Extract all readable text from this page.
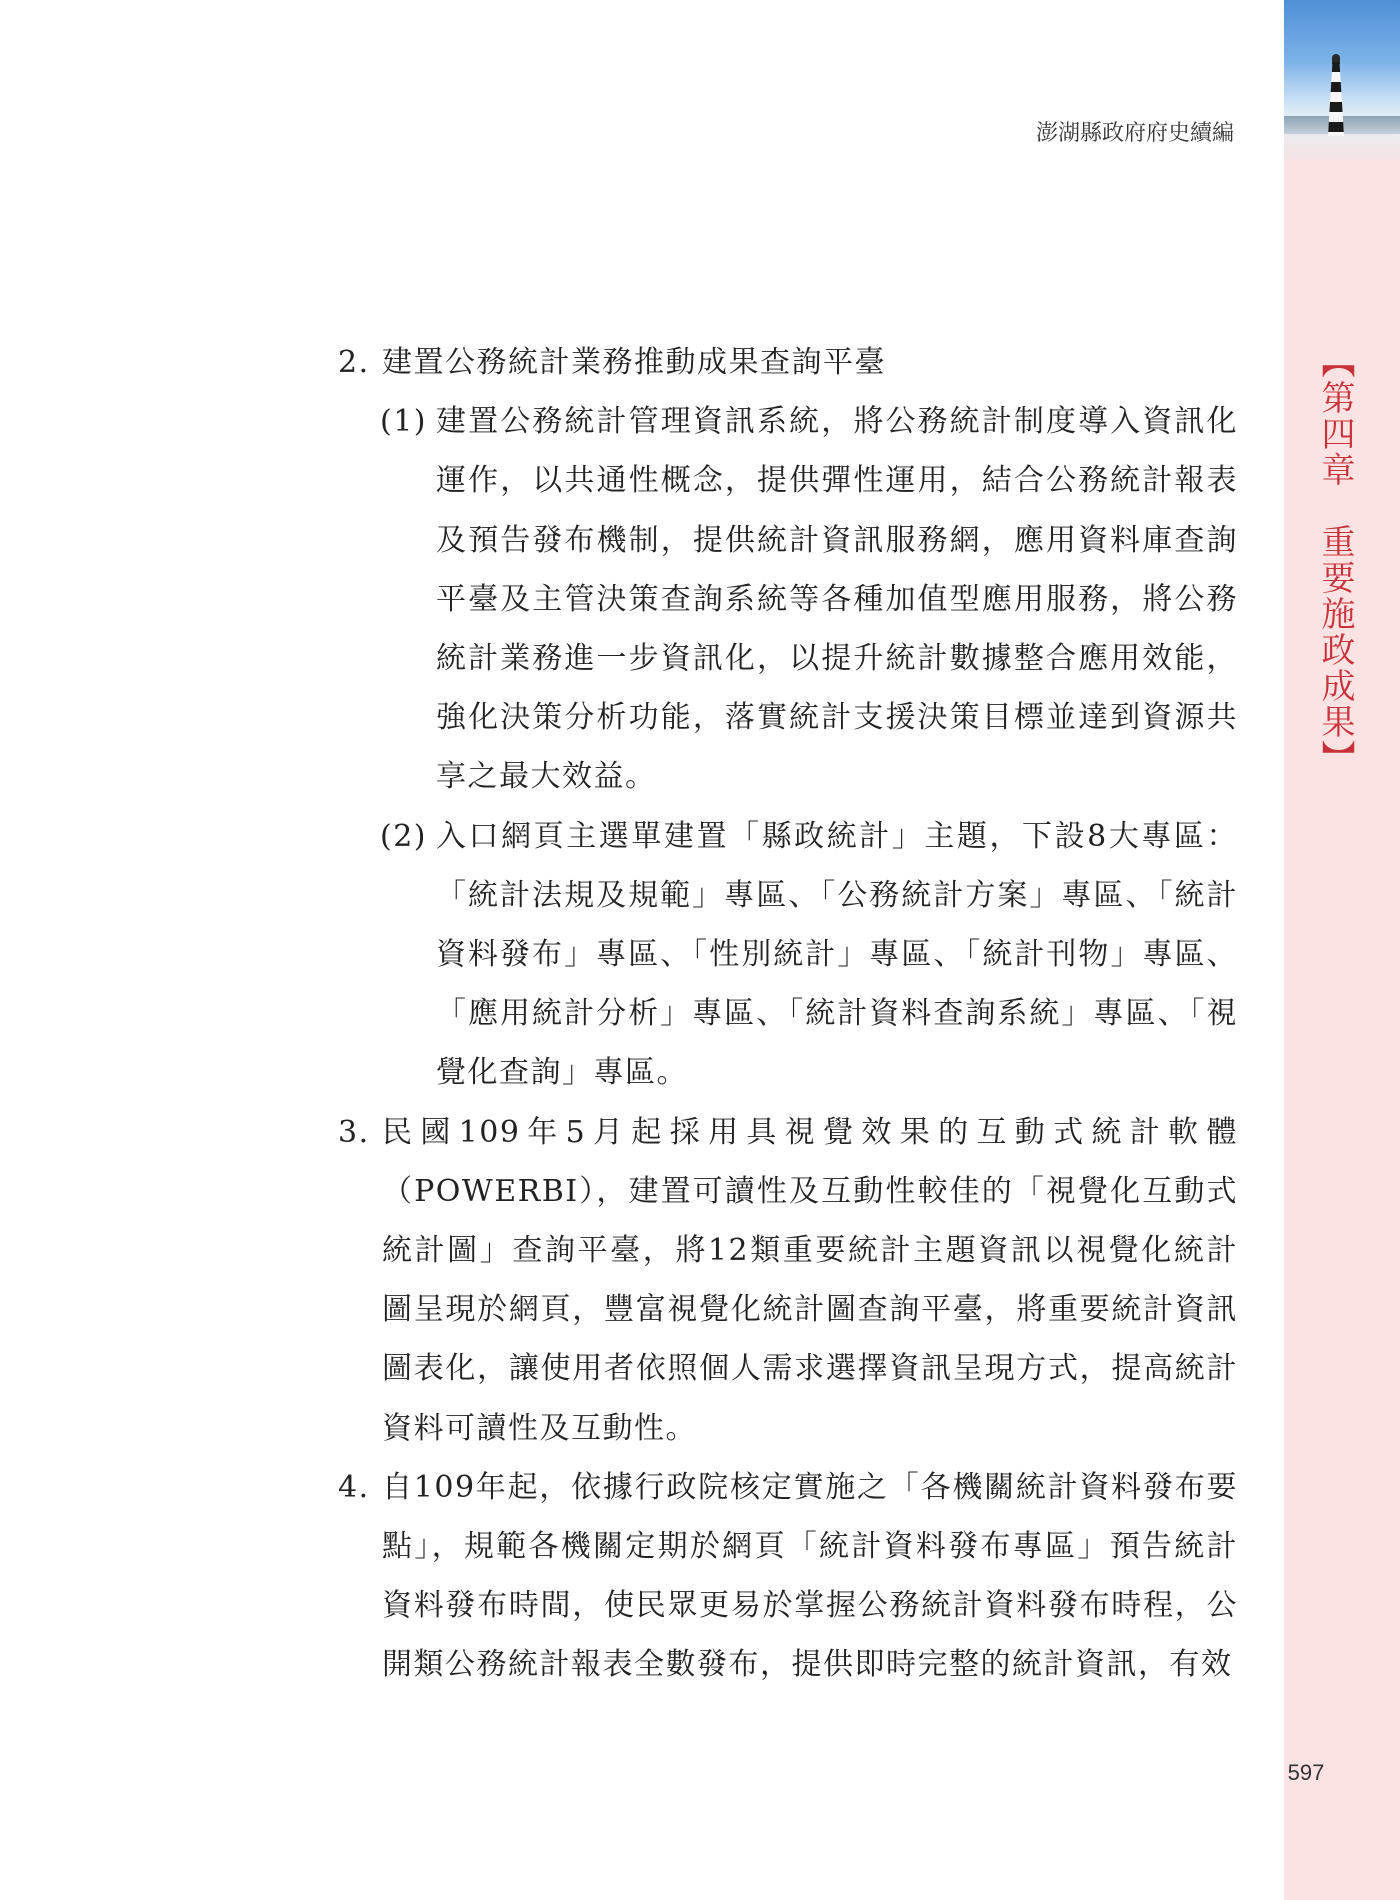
【第四章　重要施政成果】
澎湖縣政府府史續編

2. 建置公務統計業務推動成果查詢平臺

(1) 建置公務統計管理資訊系統，將公務統計制度導入資訊化運作，以共通性概念，提供彈性運用，結合公務統計報表及預告發布機制，提供統計資訊服務網，應用資料庫查詢平臺及主管決策查詢系統等各種加值型應用服務，將公務統計業務進一步資訊化，以提升統計數據整合應用效能，強化決策分析功能，落實統計支援決策目標並達到資源共享之最大效益。

(2) 入口網頁主選單建置「縣政統計」主題，下設8大專區：「統計法規及規範」專區、「公務統計方案」專區、「統計資料發布」專區、「性別統計」專區、「統計刊物」專區、「應用統計分析」專區、「統計資料查詢系統」專區、「視覺化查詢」專區。

3. 民國109年5月起採用具視覺效果的互動式統計軟體（POWERBI），建置可讀性及互動性較佳的「視覺化互動式統計圖」查詢平臺，將12類重要統計主題資訊以視覺化統計圖呈現於網頁，豐富視覺化統計圖查詢平臺，將重要統計資訊圖表化，讓使用者依照個人需求選擇資訊呈現方式，提高統計資料可讀性及互動性。

4. 自109年起，依據行政院核定實施之「各機關統計資料發布要點」，規範各機關定期於網頁「統計資料發布專區」預告統計資料發布時間，使民眾更易於掌握公務統計資料發布時程，公開類公務統計報表全數發布，提供即時完整的統計資訊，有效

597
